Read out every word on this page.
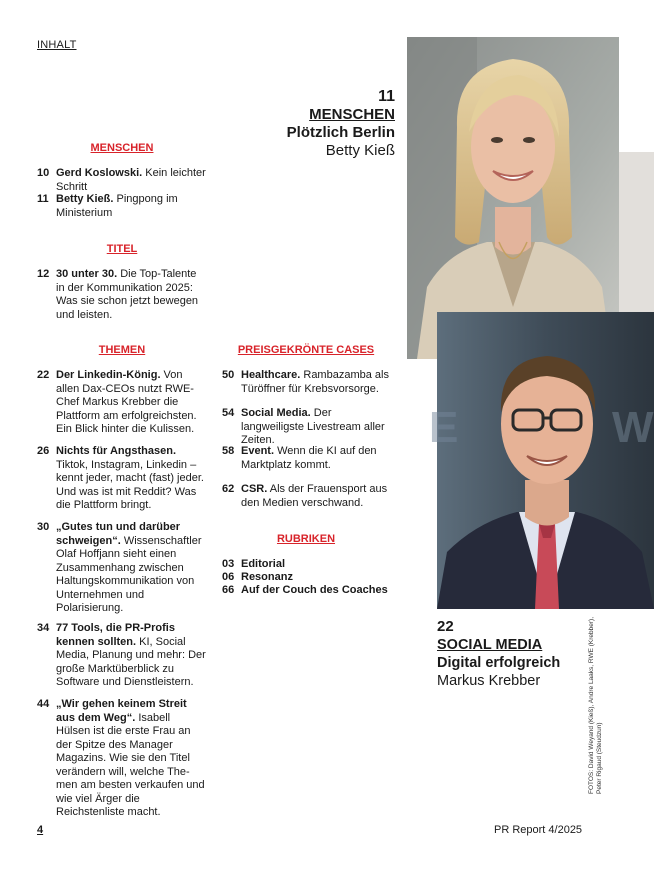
INHALT
11
MENSCHEN
Plötzlich Berlin
Betty Kieß
W
E
22
SOCIAL MEDIA
Digital erfolgreich
Markus Krebber	FOTOS: David Weyand (Kieß), Andre Laaks, RWE (Krebber), Peter Rigaud (Steudzun)
MENSCHEN
10 Gerd Koslowski. Kein leichter Schritt
11 Betty Kieß. Pingpong im Ministerium
TITEL
12 30 unter 30. Die Top-Talente in der Kommunikation 2025: Was sie schon jetzt bewegen und leisten.
THEMEN
22 Der Linkedin-König. Von allen Dax-CEOs nutzt RWE-Chef Markus Krebber die Plattform am erfolgreichsten. Ein Blick hinter die Kulissen.
26 Nichts für Angsthasen. Tiktok, Instagram, Linkedin – kennt jeder, macht (fast) jeder. Und was ist mit Reddit? Was die Plattform bringt.
30 „Gutes tun und darüber schweigen“. Wissenschaftler Olaf Hoffjann sieht einen Zusammenhang zwischen Haltungskommunikation von Unternehmen und Polarisierung.
34 77 Tools, die PR-Profis kennen sollten. KI, Social Media, Planung und mehr: Der große Marktüberblick zu Software und Dienstleistern.
44 „Wir gehen keinem Streit aus dem Weg“. Isabell Hülsen ist die erste Frau an der Spitze des Manager Magazins. Wie sie den Titel verändern will, welche The-men am besten verkaufen und wie viel Ärger die Reichstenliste macht.
PREISGEKRÖNTE CASES
50 Healthcare. Rambazamba als Türöffner für Krebsvorsorge.
54 Social Media. Der langweiligste Livestream aller Zeiten.
58 Event. Wenn die KI auf den Marktplatz kommt.
62 CSR. Als der Frauensport aus den Medien verschwand.
RUBRIKEN
03 Editorial
06 Resonanz
66 Auf der Couch des Coaches
4	PR Report 4/2025
